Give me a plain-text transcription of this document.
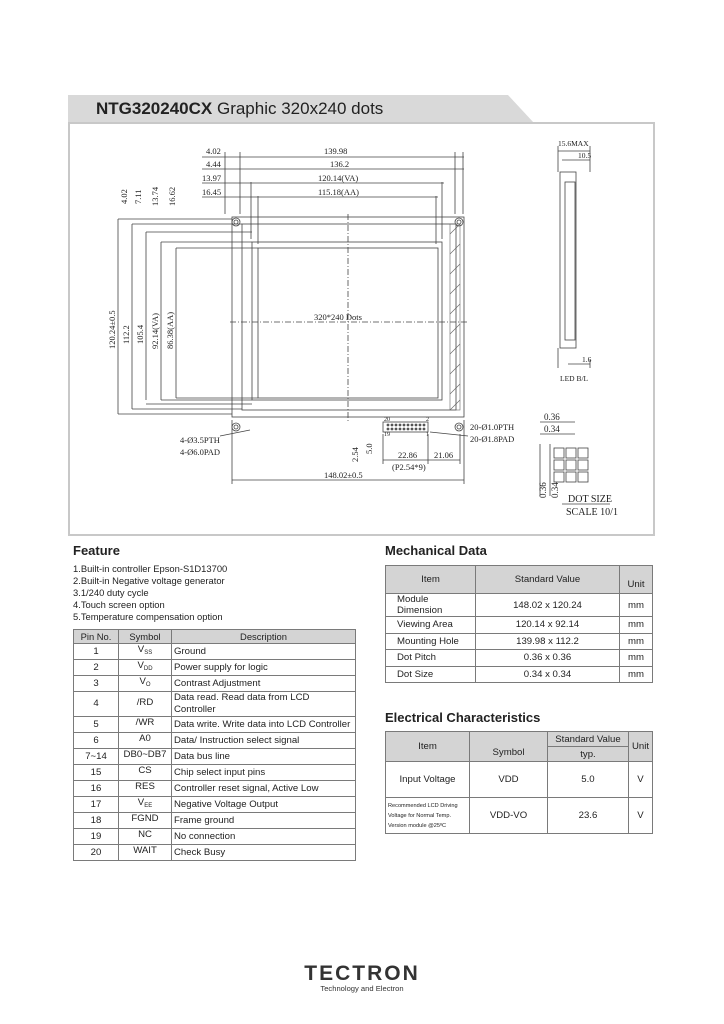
NTG320240CX Graphic 320x240 dots
4.02	139.98
4.44	136.2
13.97	120.14(VA)
16.45	115.18(AA)
4.02 7.11 13.74 16.62
120.24±0.5 112.2 105.4 92.14(VA) 86.38(AA)	320*240 Dots
4-Ø3.5PTH
4-Ø6.0PAD
20-Ø1.0PTH
20-Ø1.8PAD
20
19
2
1
2.54 5.0
22.86 21.06
(P2.54*9)
148.02±0.5
15.6MAX
10.5
1.6
LED B/L
0.36
0.34
0.36 0.34
DOT SIZE
SCALE 10/1
Feature
1.Built-in controller Epson-S1D13700
2.Built-in Negative voltage generator
3.1/240 duty cycle
4.Touch screen option
5.Temperature compensation option
Pin No.	Symbol	Description
1	$V_{SS}$	Ground
2	$V_{DD}$	Power supply for logic
3	$V_O$	Contrast Adjustment
4	/RD	Data read. Read data from LCD Controller
5	/WR	Data write. Write data into LCD Controller
6	A0	Data/ Instruction select signal
7~14	DB0~DB7	Data bus line
15	CS	Chip select input pins
16	RES	Controller reset signal, Active Low
17	$V_{EE}$	Negative Voltage Output
18	FGND	Frame ground
19	NC	No connection
20	WAIT	Check Busy
Mechanical Data
Item	Standard Value	Unit
Module Dimension	148.02 x 120.24	mm
Viewing Area	120.14 x 92.14	mm
Mounting Hole	139.98 x 112.2	mm
Dot Pitch	0.36 x 0.36	mm
Dot Size	0.34 x 0.34	mm
Electrical Characteristics
Item	Symbol	Standard Value	Unit
		typ.	
Input Voltage	VDD	5.0	V

Recommended LCD Driving
Voltage for Normal Temp.
Version module @25ºC	VDD-VO	23.6	V
TECTRON
Technology and Electron
